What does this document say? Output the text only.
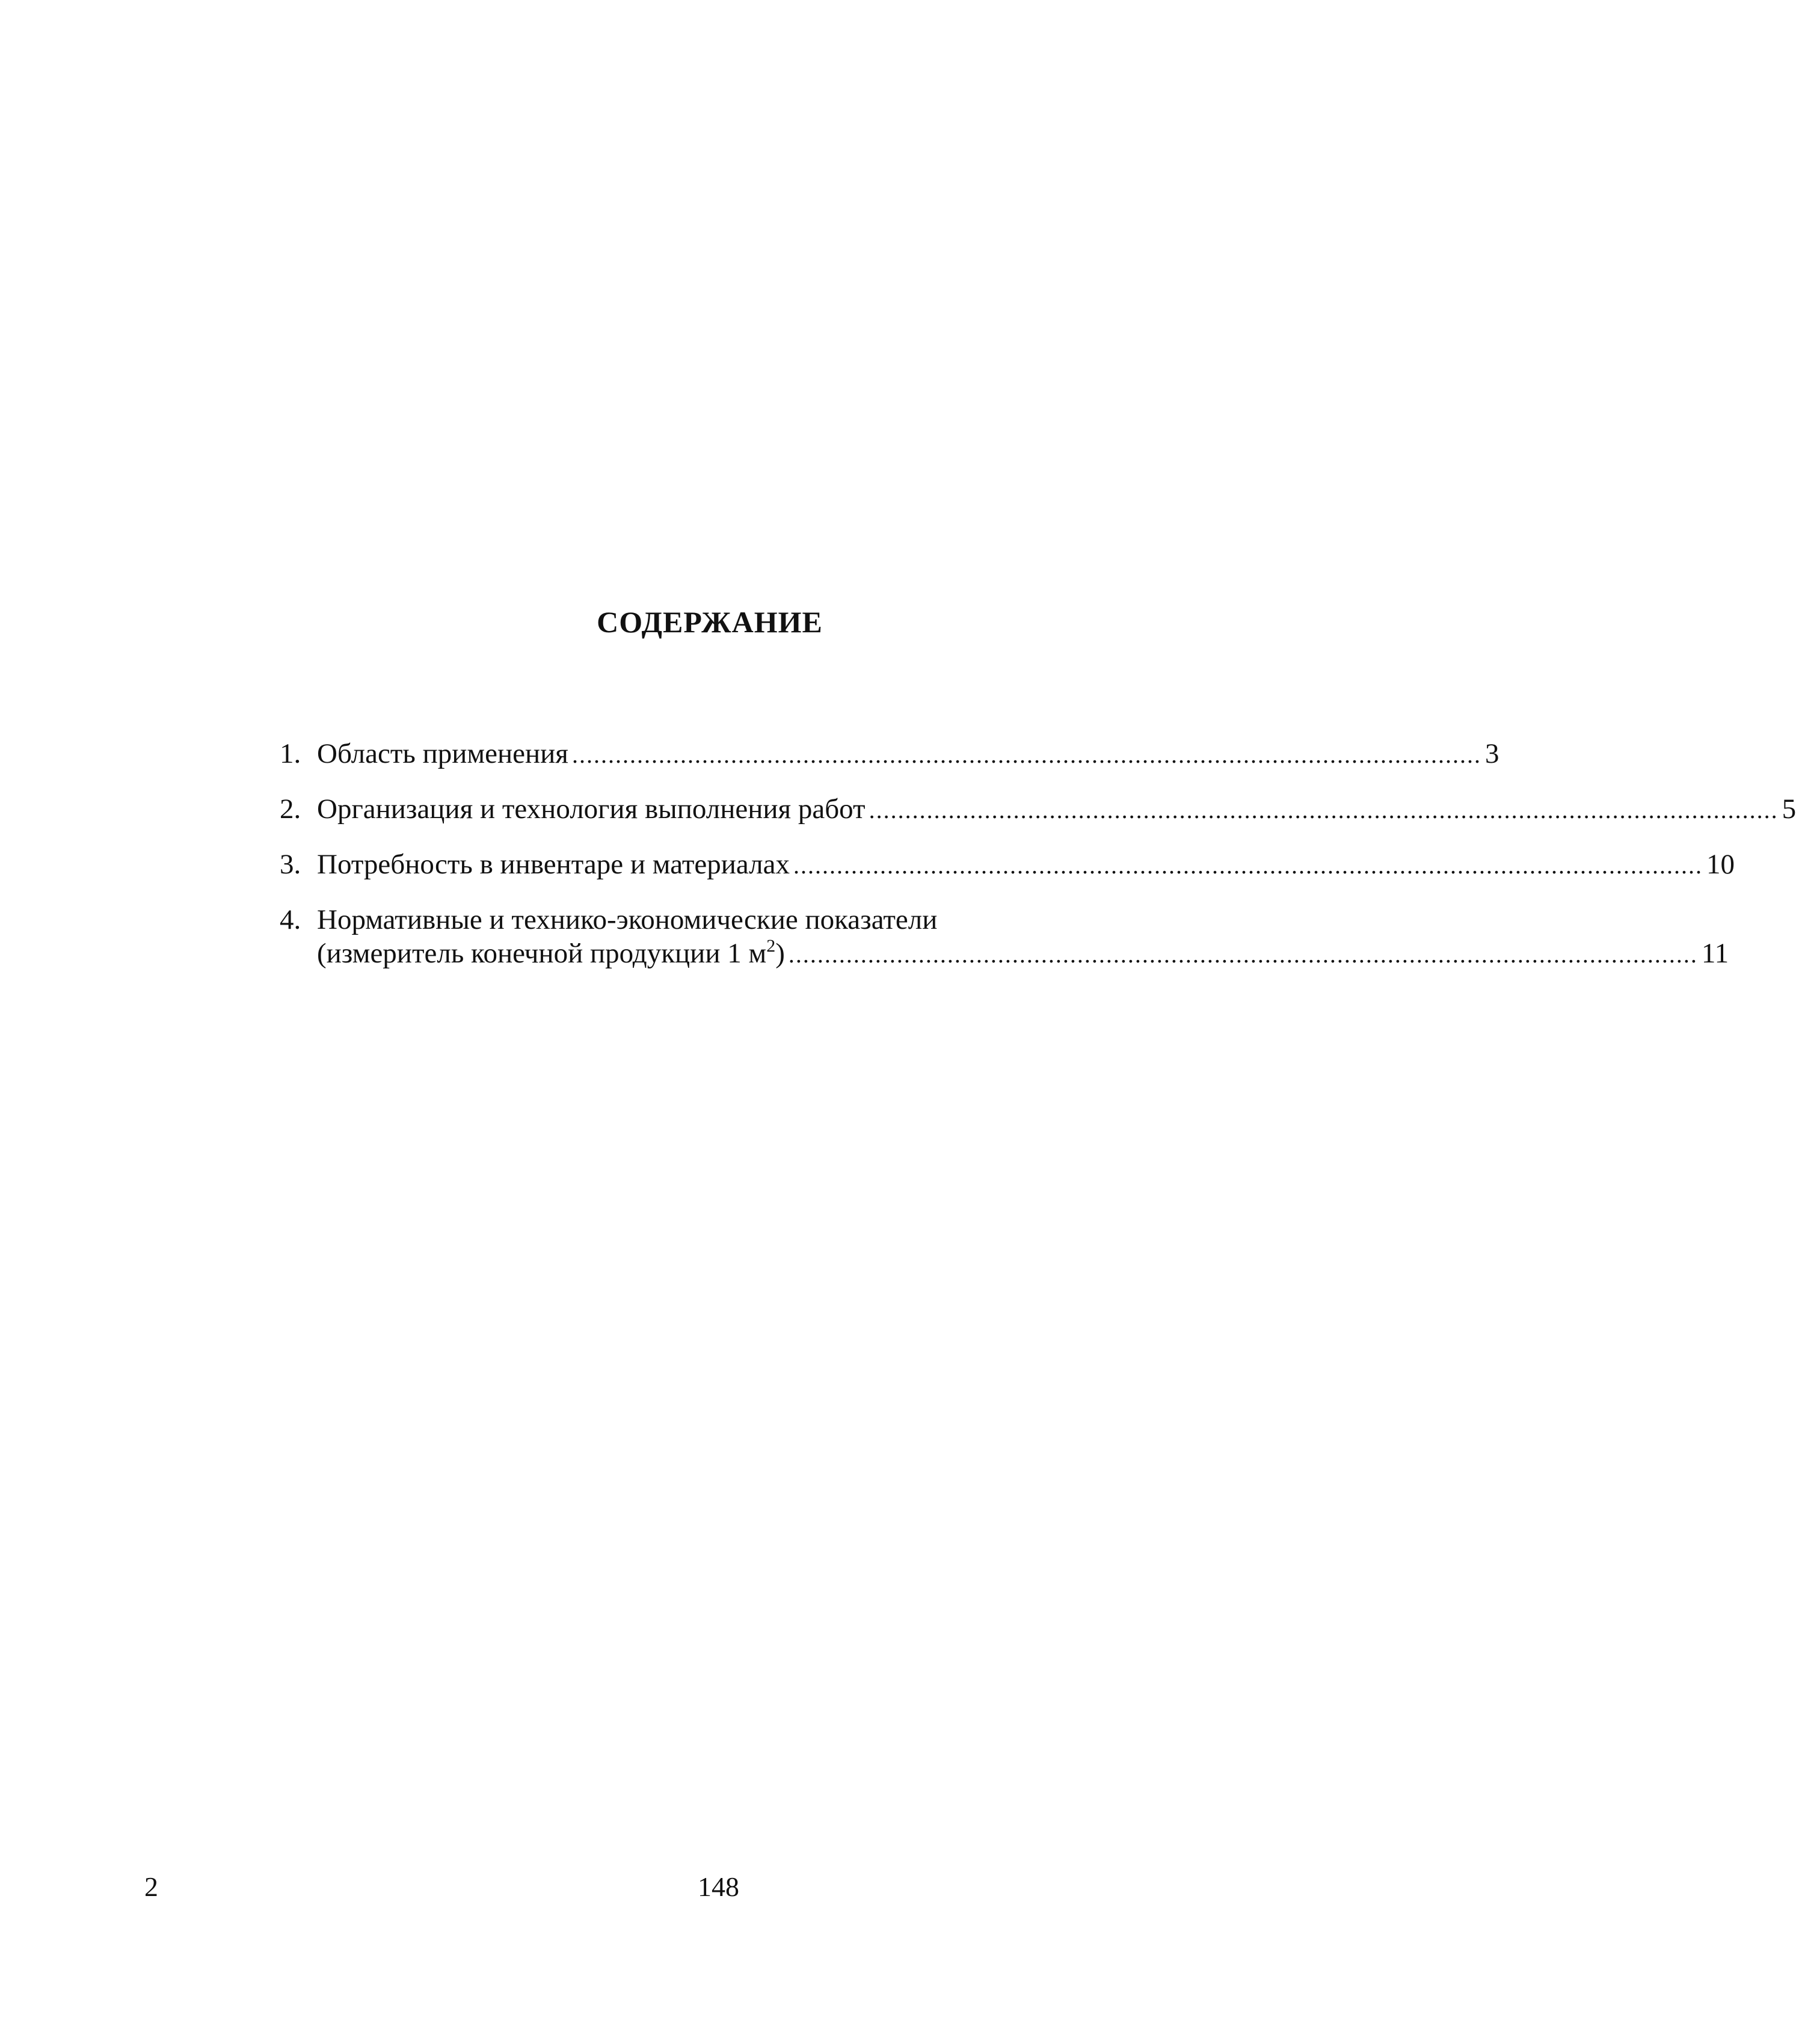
СОДЕРЖАНИЕ
1. Область применения .............................................................................................................................. 3
2. Организация и технология выполнения работ .............................................................................................................................. 5
3. Потребность в инвентаре и материалах .............................................................................................................................. 10
4. Нормативные и технико-экономические показатели
(измеритель конечной продукции 1 $м^2$) .............................................................................................................................. 11
2	148
